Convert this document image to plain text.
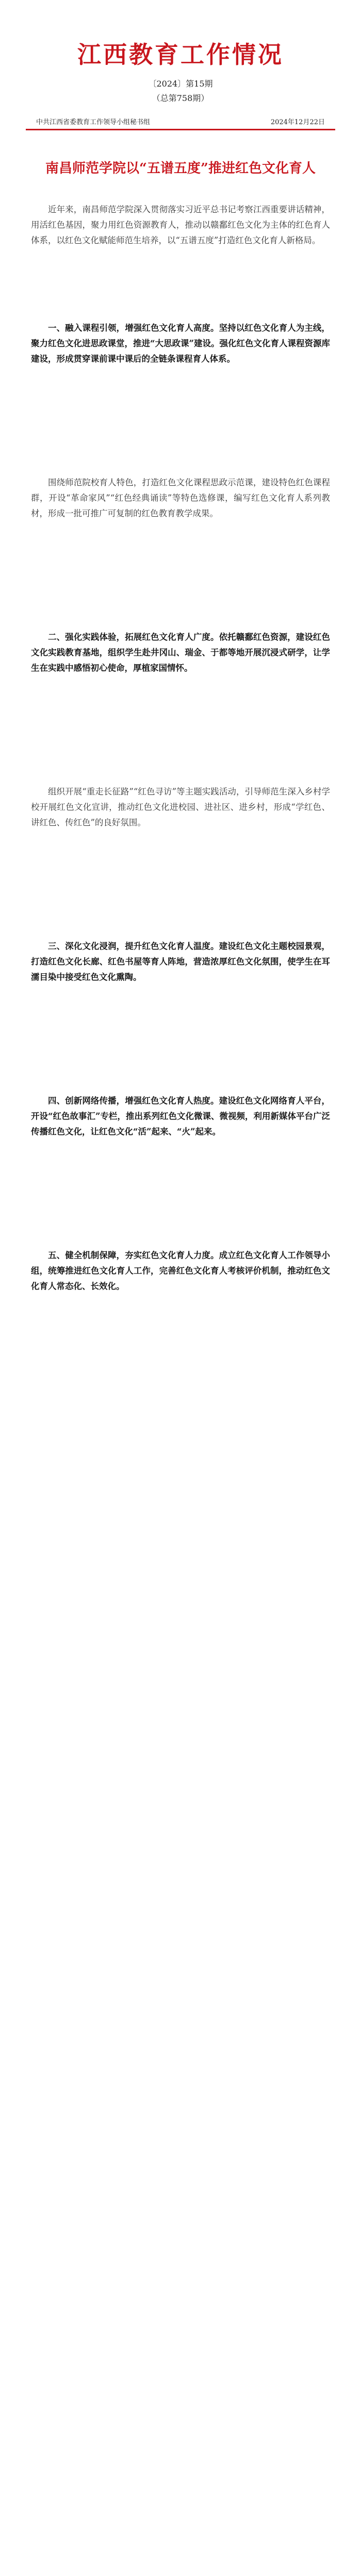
江西教育工作情况
〔2024〕第15期
（总第758期）
中共江西省委教育工作领导小组秘书组	2024年12月22日
南昌师范学院以“五谱五度”推进红色文化育人

近年来，南昌师范学院深入贯彻落实习近平总书记考察江西重要讲话精神，用活红色基因，聚力用红色资源教育人，推动以赣鄱红色文化为主体的红色育人体系，以红色文化赋能师范生培养，以“五谱五度”打造红色文化育人新格局。

一、融入课程引领，增强红色文化育人高度。坚持以红色文化育人为主线，聚力红色文化进思政课堂，推进“大思政课”建设。强化红色文化育人课程资源库建设，形成贯穿课前课中课后的全链条课程育人体系。

围绕师范院校育人特色，打造红色文化课程思政示范课，建设特色红色课程群，开设“革命家风”“红色经典诵读”等特色选修课，编写红色文化育人系列教材，形成一批可推广可复制的红色教育教学成果。

二、强化实践体验，拓展红色文化育人广度。依托赣鄱红色资源，建设红色文化实践教育基地，组织学生赴井冈山、瑞金、于都等地开展沉浸式研学，让学生在实践中感悟初心使命，厚植家国情怀。

组织开展“重走长征路”“红色寻访”等主题实践活动，引导师范生深入乡村学校开展红色文化宣讲，推动红色文化进校园、进社区、进乡村，形成“学红色、讲红色、传红色”的良好氛围。

三、深化文化浸润，提升红色文化育人温度。建设红色文化主题校园景观，打造红色文化长廊、红色书屋等育人阵地，营造浓厚红色文化氛围，使学生在耳濡目染中接受红色文化熏陶。

四、创新网络传播，增强红色文化育人热度。建设红色文化网络育人平台，开设“红色故事汇”专栏，推出系列红色文化微课、微视频，利用新媒体平台广泛传播红色文化，让红色文化“活”起来、“火”起来。

五、健全机制保障，夯实红色文化育人力度。成立红色文化育人工作领导小组，统筹推进红色文化育人工作，完善红色文化育人考核评价机制，推动红色文化育人常态化、长效化。
